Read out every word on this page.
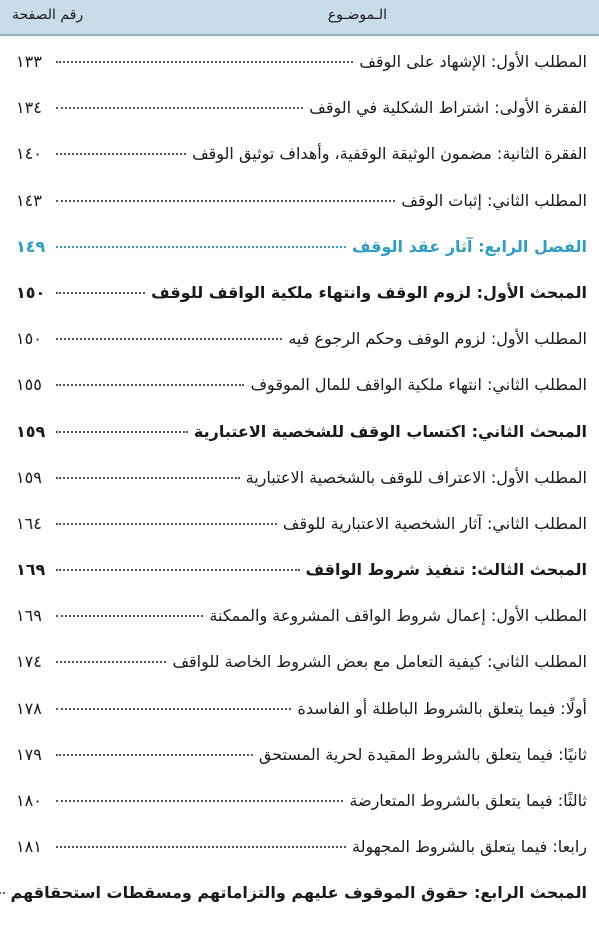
الـموضـوع
رقم الصفحة
المطلب الأول: الإشهاد على الوقف
١٣٣
الفقرة الأولى: اشتراط الشكلية في الوقف
١٣٤
الفقرة الثانية: مضمون الوثيقة الوقفية، وأهداف توثيق الوقف
١٤٠
المطلب الثاني: إثبات الوقف
١٤٣
الفصل الرابع: آثار عقد الوقف
١٤٩
المبحث الأول: لزوم الوقف وانتهاء ملكية الواقف للوقف
١٥٠
المطلب الأول: لزوم الوقف وحكم الرجوع فيه
١٥٠
المطلب الثاني: انتهاء ملكية الواقف للمال الموقوف
١٥٥
المبحث الثاني: اكتساب الوقف للشخصية الاعتبارية
١٥٩
المطلب الأول: الاعتراف للوقف بالشخصية الاعتبارية
١٥٩
المطلب الثاني: آثار الشخصية الاعتبارية للوقف
١٦٤
المبحث الثالث: تنفيذ شروط الواقف
١٦٩
المطلب الأول: إعمال شروط الواقف المشروعة والممكنة
١٦٩
المطلب الثاني: كيفية التعامل مع بعض الشروط الخاصة للواقف
١٧٤
أولًا: فيما يتعلق بالشروط الباطلة أو الفاسدة
١٧٨
ثانيًا: فيما يتعلق بالشروط المقيدة لحرية المستحق
١٧٩
ثالثًا: فيما يتعلق بالشروط المتعارضة
١٨٠
رابعا: فيما يتعلق بالشروط المجهولة
١٨١
المبحث الرابع: حقوق الموقوف عليهم والتزاماتهم ومسقطات استحقاقهم
